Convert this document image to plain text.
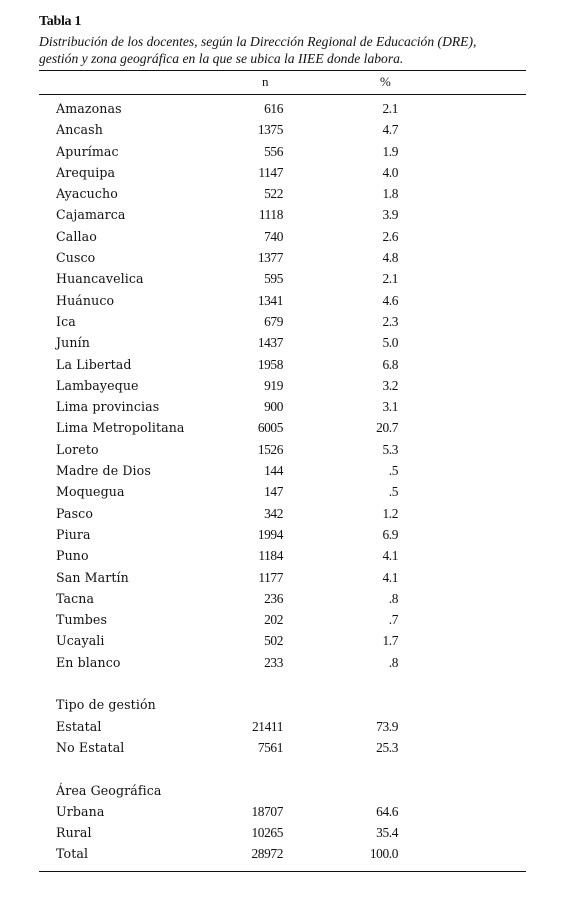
Tabla 1
Distribución de los docentes, según la Dirección Regional de Educación (DRE),
gestión y zona geográfica en la que se ubica la IIEE donde labora.
n	%
Amazonas	616	2.1
Ancash	1375	4.7
Apurímac	556	1.9
Arequipa	1147	4.0
Ayacucho	522	1.8
Cajamarca	1118	3.9
Callao	740	2.6
Cusco	1377	4.8
Huancavelica	595	2.1
Huánuco	1341	4.6
Ica	679	2.3
Junín	1437	5.0
La Libertad	1958	6.8
Lambayeque	919	3.2
Lima provincias	900	3.1
Lima Metropolitana	6005	20.7
Loreto	1526	5.3
Madre de Dios	144	.5
Moquegua	147	.5
Pasco	342	1.2
Piura	1994	6.9
Puno	1184	4.1
San Martín	1177	4.1
Tacna	236	.8
Tumbes	202	.7
Ucayali	502	1.7
En blanco	233	.8
Tipo de gestión
Estatal	21411	73.9
No Estatal	7561	25.3
Área Geográfica
Urbana	18707	64.6
Rural	10265	35.4
Total	28972	100.0
